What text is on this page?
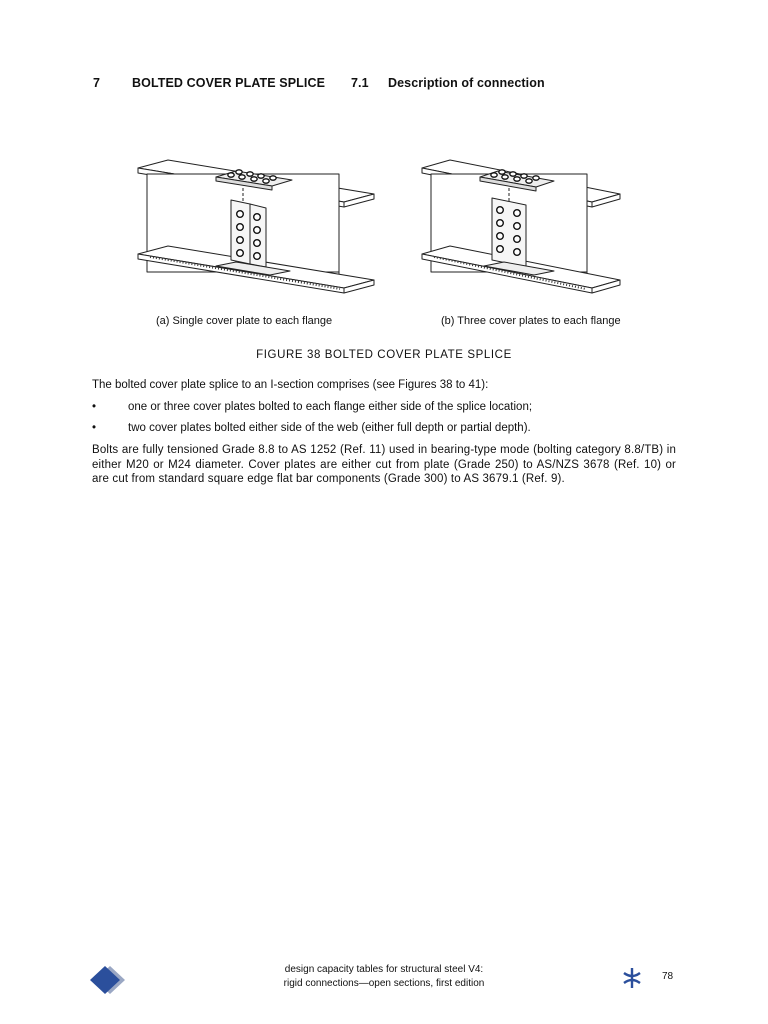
7	BOLTED COVER PLATE SPLICE 7.1 Description of connection
(a) Single cover plate to each flange	(b) Three cover plates to each flange
FIGURE 38 BOLTED COVER PLATE SPLICE
The bolted cover plate splice to an I-section comprises (see Figures 38 to 41):
•	one or three cover plates bolted to each flange either side of the splice location;
•	two cover plates bolted either side of the web (either full depth or partial depth).
Bolts are fully tensioned Grade 8.8 to AS 1252 (Ref. 11) used in bearing-type mode (bolting category 8.8/TB) in either M20 or M24 diameter. Cover plates are either cut from plate (Grade 250) to AS/NZS 3678 (Ref. 10) or are cut from standard square edge flat bar components (Grade 300) to AS 3679.1 (Ref. 9).
design capacity tables for structural steel V4:
rigid connections—open sections, first edition
78
